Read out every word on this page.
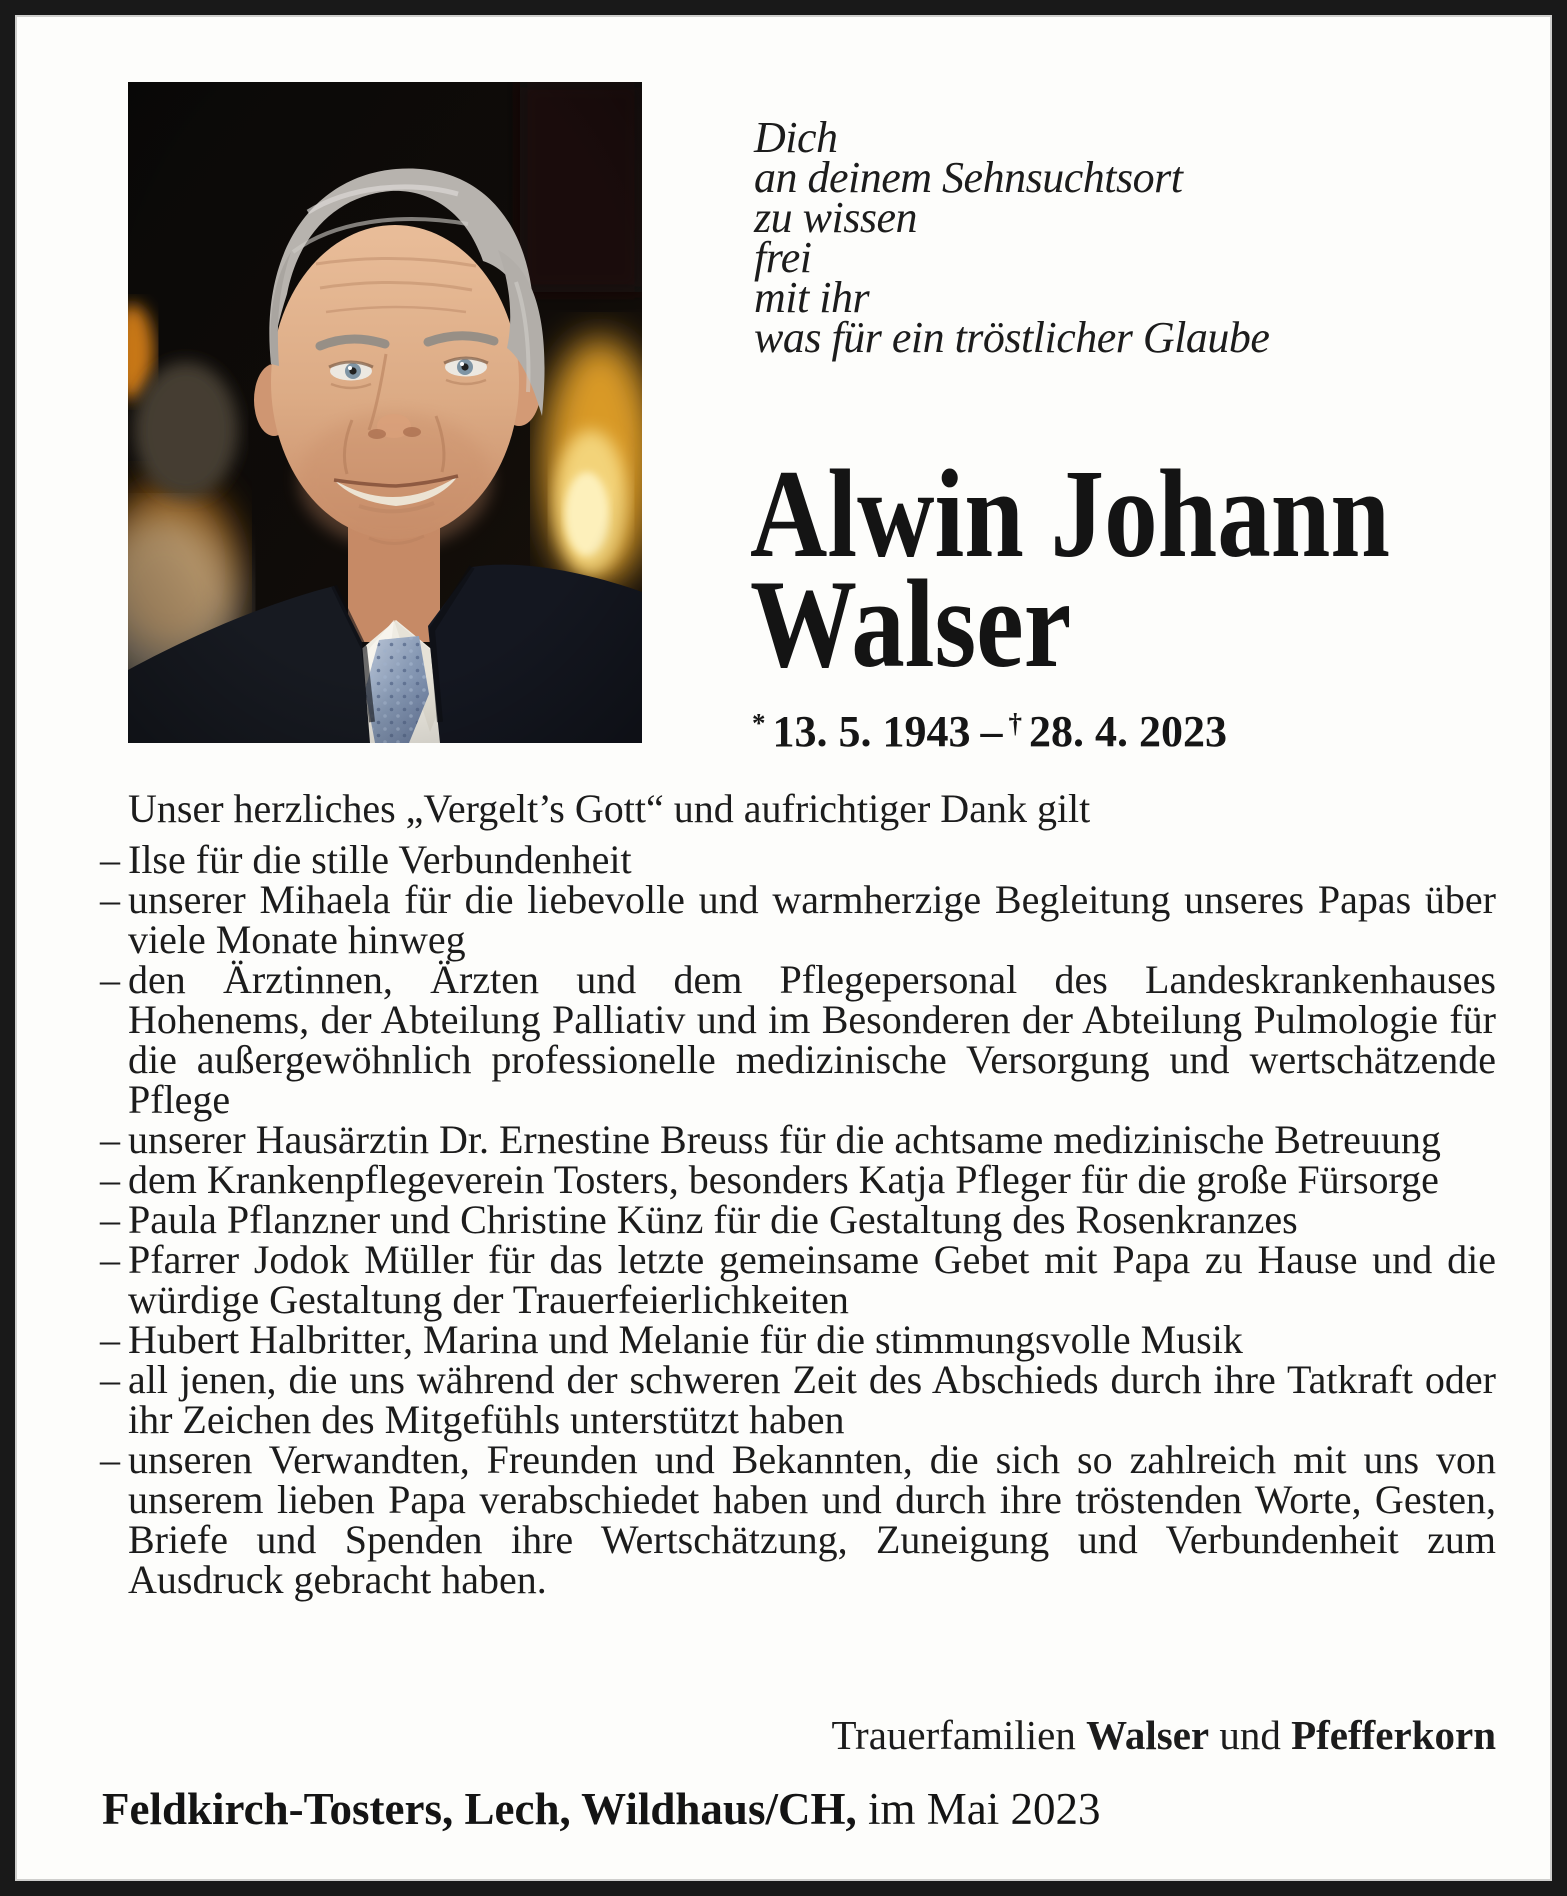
Dich
an deinem Sehnsuchtsort
zu wissen
frei
mit ihr
was für ein tröstlicher Glaube
Alwin Johann
Walser
* 13. 5. 1943 – † 28. 4. 2023

Unser herzliches „Vergelt’s Gott“ und aufrichtiger Dank gilt

– Ilse für die stille Verbundenheit
– unserer Mihaela für die liebevolle und warmherzige Begleitung unseres Papas über viele Monate hinweg
– den Ärztinnen, Ärzten und dem Pflegepersonal des Landeskrankenhauses Hohenems, der Abteilung Palliativ und im Besonderen der Abteilung Pulmologie für die außergewöhnlich professionelle medizinische Versorgung und wertschätzende Pflege
– unserer Hausärztin Dr. Ernestine Breuss für die achtsame medizinische Betreuung
– dem Krankenpflegeverein Tosters, besonders Katja Pfleger für die große Fürsorge
– Paula Pflanzner und Christine Künz für die Gestaltung des Rosenkranzes
– Pfarrer Jodok Müller für das letzte gemeinsame Gebet mit Papa zu Hause und die würdige Gestaltung der Trauerfeierlichkeiten
– Hubert Halbritter, Marina und Melanie für die stimmungsvolle Musik
– all jenen, die uns während der schweren Zeit des Abschieds durch ihre Tatkraft oder ihr Zeichen des Mitgefühls unterstützt haben
– unseren Verwandten, Freunden und Bekannten, die sich so zahlreich mit uns von unserem lieben Papa verabschiedet haben und durch ihre tröstenden Worte, Gesten, Briefe und Spenden ihre Wertschätzung, Zuneigung und Verbundenheit zum Ausdruck gebracht haben.
Trauerfamilien Walser und Pfefferkorn
Feldkirch-Tosters, Lech, Wildhaus/CH, im Mai 2023
